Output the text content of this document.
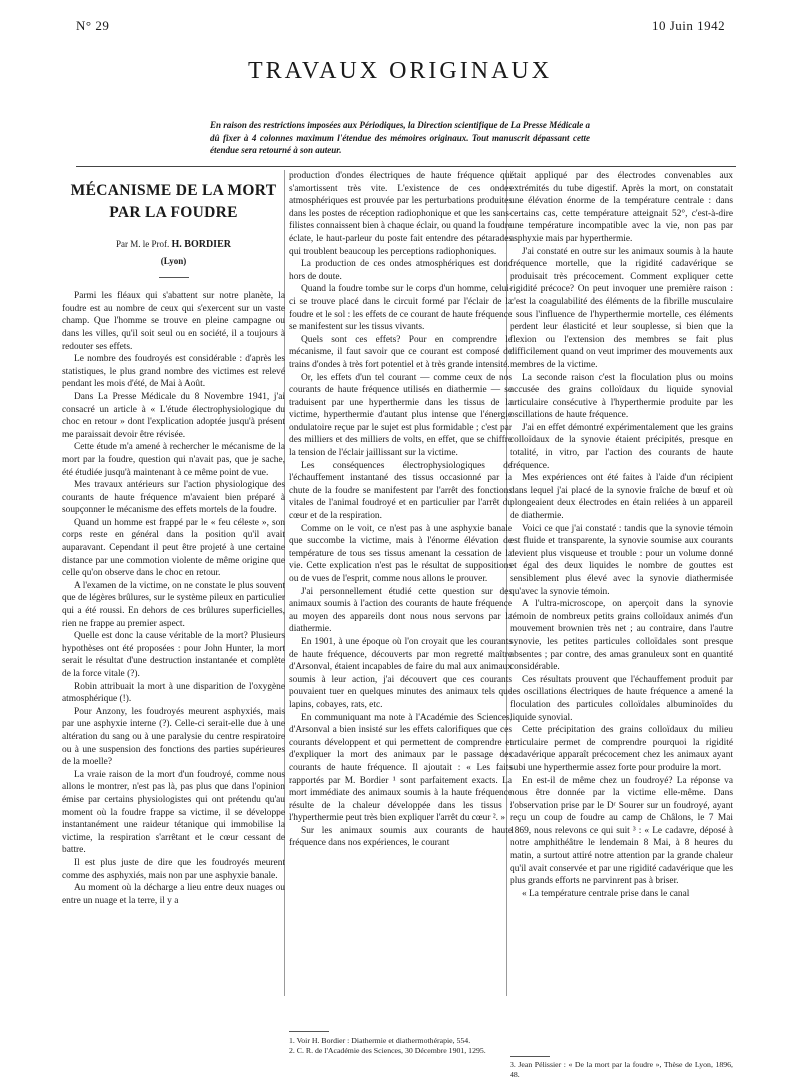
N° 29	10 Juin 1942
TRAVAUX ORIGINAUX
En raison des restrictions imposées aux Périodiques, la Direction scientifique de La Presse Médicale a dû fixer à 4 colonnes maximum l'étendue des mémoires originaux. Tout manuscrit dépassant cette étendue sera retourné à son auteur.
MÉCANISME DE LA MORT
PAR LA FOUDRE
Par M. le Prof. H. BORDIER
(Lyon)

Parmi les fléaux qui s'abattent sur notre planète, la foudre est au nombre de ceux qui s'exercent sur un vaste champ. Que l'homme se trouve en pleine campagne ou dans les villes, qu'il soit seul ou en société, il a toujours à redouter ses effets.

Le nombre des foudroyés est considérable : d'après les statistiques, le plus grand nombre des victimes est relevé pendant les mois d'été, de Mai à Août.

Dans La Presse Médicale du 8 Novembre 1941, j'ai consacré un article à « L'étude électrophysiologique du choc en retour » dont l'explication adoptée jusqu'à présent me paraissait devoir être révisée.

Cette étude m'a amené à rechercher le mécanisme de la mort par la foudre, question qui n'avait pas, que je sache, été étudiée jusqu'à maintenant à ce même point de vue.

Mes travaux antérieurs sur l'action physiologique des courants de haute fréquence m'avaient bien préparé à soupçonner le mécanisme des effets mortels de la foudre.

Quand un homme est frappé par le « feu céleste », son corps reste en général dans la position qu'il avait auparavant. Cependant il peut être projeté à une certaine distance par une commotion violente de même origine que celle qu'on observe dans le choc en retour.

A l'examen de la victime, on ne constate le plus souvent que de légères brûlures, sur le système pileux en particulier qui a été roussi. En dehors de ces brûlures superficielles, rien ne frappe au premier aspect.

Quelle est donc la cause véritable de la mort? Plusieurs hypothèses ont été proposées : pour John Hunter, la mort serait le résultat d'une destruction instantanée et complète de la force vitale (?).

Robin attribuait la mort à une disparition de l'oxygène atmosphérique (!).

Pour Anzony, les foudroyés meurent asphyxiés, mais par une asphyxie interne (?). Celle-ci serait-elle due à une altération du sang ou à une paralysie du centre respiratoire ou à une suspension des fonctions des parties supérieures de la moelle?

La vraie raison de la mort d'un foudroyé, comme nous allons le montrer, n'est pas là, pas plus que dans l'opinion émise par certains physiologistes qui ont prétendu qu'au moment où la foudre frappe sa victime, il se développe instantanément une raideur tétanique qui immobilise la victime, la respiration s'arrêtant et le cœur cessant de battre.

Il est plus juste de dire que les foudroyés meurent comme des asphyxiés, mais non par une asphyxie banale.

Au moment où la décharge a lieu entre deux nuages ou entre un nuage et la terre, il y a

production d'ondes électriques de haute fréquence qui s'amortissent très vite. L'existence de ces ondes atmosphériques est prouvée par les perturbations produites dans les postes de réception radiophonique et que les sans-filistes connaissent bien à chaque éclair, ou quand la foudre éclate, le haut-parleur du poste fait entendre des pétarades qui troublent beaucoup les perceptions radiophoniques.

La production de ces ondes atmosphériques est donc hors de doute.

Quand la foudre tombe sur le corps d'un homme, celui-ci se trouve placé dans le circuit formé par l'éclair de la foudre et le sol : les effets de ce courant de haute fréquence se manifestent sur les tissus vivants.

Quels sont ces effets? Pour en comprendre le mécanisme, il faut savoir que ce courant est composé de trains d'ondes à très fort potentiel et à très grande intensité.

Or, les effets d'un tel courant — comme ceux de nos courants de haute fréquence utilisés en diathermie — se traduisent par une hyperthermie dans les tissus de la victime, hyperthermie d'autant plus intense que l'énergie ondulatoire reçue par le sujet est plus formidable ; c'est par des milliers et des milliers de volts, en effet, que se chiffre la tension de l'éclair jaillissant sur la victime.

Les conséquences électrophysiologiques de l'échauffement instantané des tissus occasionné par la chute de la foudre se manifestent par l'arrêt des fonctions vitales de l'animal foudroyé et en particulier par l'arrêt du cœur et de la respiration.

Comme on le voit, ce n'est pas à une asphyxie banale que succombe la victime, mais à l'énorme élévation de température de tous ses tissus amenant la cessation de la vie. Cette explication n'est pas le résultat de suppositions ou de vues de l'esprit, comme nous allons le prouver.

J'ai personnellement étudié cette question sur des animaux soumis à l'action des courants de haute fréquence au moyen des appareils dont nous nous servons par la diathermie.

En 1901, à une époque où l'on croyait que les courants de haute fréquence, découverts par mon regretté maître d'Arsonval, étaient incapables de faire du mal aux animaux soumis à leur action, j'ai découvert que ces courants pouvaient tuer en quelques minutes des animaux tels que lapins, cobayes, rats, etc.

En communiquant ma note à l'Académie des Sciences, d'Arsonval a bien insisté sur les effets calorifiques que ces courants développent et qui permettent de comprendre et d'expliquer la mort des animaux par le passage des courants de haute fréquence. Il ajoutait : « Les faits rapportés par M. Bordier ¹ sont parfaitement exacts. La mort immédiate des animaux soumis à la haute fréquence résulte de la chaleur développée dans les tissus : l'hyperthermie peut très bien expliquer l'arrêt du cœur ². »

Sur les animaux soumis aux courants de haute fréquence dans nos expériences, le courant

1. Voir H. Bordier : Diathermie et diathermothérapie, 554.
2. C. R. de l'Académie des Sciences, 30 Décembre 1901, 1295.

était appliqué par des électrodes convenables aux extrémités du tube digestif. Après la mort, on constatait une élévation énorme de la température centrale : dans certains cas, cette température atteignait 52°, c'est-à-dire une température incompatible avec la vie, non pas par asphyxie mais par hyperthermie.

J'ai constaté en outre sur les animaux soumis à la haute fréquence mortelle, que la rigidité cadavérique se produisait très précocement. Comment expliquer cette rigidité précoce? On peut invoquer une première raison : c'est la coagulabilité des éléments de la fibrille musculaire : sous l'influence de l'hyperthermie mortelle, ces éléments perdent leur élasticité et leur souplesse, si bien que la flexion ou l'extension des membres se fait plus difficilement quand on veut imprimer des mouvements aux membres de la victime.

La seconde raison c'est la floculation plus ou moins accusée des grains colloïdaux du liquide synovial articulaire consécutive à l'hyperthermie produite par les oscillations de haute fréquence.

J'ai en effet démontré expérimentalement que les grains colloïdaux de la synovie étaient précipités, presque en totalité, in vitro, par l'action des courants de haute fréquence.

Mes expériences ont été faites à l'aide d'un récipient dans lequel j'ai placé de la synovie fraîche de bœuf et où plongeaient deux électrodes en étain reliées à un appareil de diathermie.

Voici ce que j'ai constaté : tandis que la synovie témoin est fluide et transparente, la synovie soumise aux courants devient plus visqueuse et trouble : pour un volume donné et égal des deux liquides le nombre de gouttes est sensiblement plus élevé avec la synovie diathermisée qu'avec la synovie témoin.

A l'ultra-microscope, on aperçoit dans la synovie témoin de nombreux petits grains colloïdaux animés d'un mouvement brownien très net ; au contraire, dans l'autre synovie, les petites particules colloïdales sont presque absentes ; par contre, des amas granuleux sont en quantité considérable.

Ces résultats prouvent que l'échauffement produit par les oscillations électriques de haute fréquence a amené la floculation des particules colloïdales albuminoïdes du liquide synovial.

Cette précipitation des grains colloïdaux du milieu articulaire permet de comprendre pourquoi la rigidité cadavérique apparaît précocement chez les animaux ayant subi une hyperthermie assez forte pour produire la mort.

En est-il de même chez un foudroyé? La réponse va nous être donnée par la victime elle-même. Dans l'observation prise par le Dʳ Sourer sur un foudroyé, ayant reçu un coup de foudre au camp de Châlons, le 7 Mai 1869, nous relevons ce qui suit ³ : « Le cadavre, déposé à notre amphithéâtre le lendemain 8 Mai, à 8 heures du matin, a surtout attiré notre attention par la grande chaleur qu'il avait conservée et par une rigidité cadavérique que les plus grands efforts ne parvinrent pas à briser.

« La température centrale prise dans le canal

3. Jean Pélissier : « De la mort par la foudre », Thèse de Lyon, 1896, 48.
